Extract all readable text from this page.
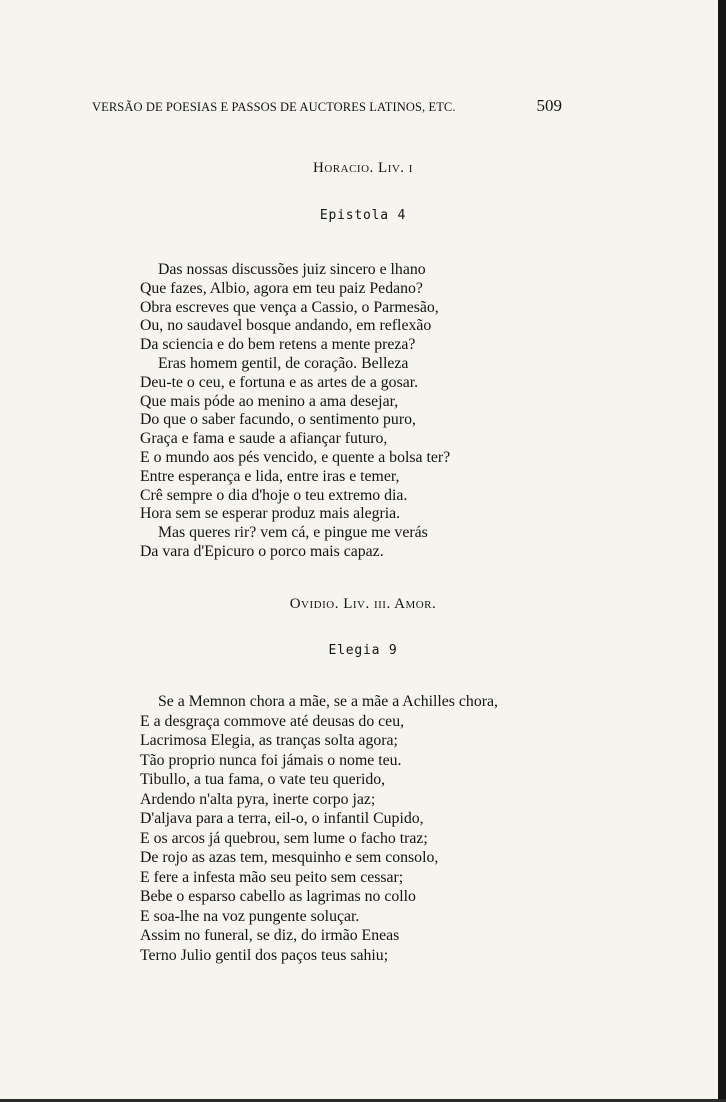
VERSÃO DE POESIAS E PASSOS DE AUCTORES LATINOS, ETC.	509
Horacio. Liv. i
Epistola 4
Das nossas discussões juiz sincero e lhano
Que fazes, Albio, agora em teu paiz Pedano?
Obra escreves que vença a Cassio, o Parmesão,
Ou, no saudavel bosque andando, em reflexão
Da sciencia e do bem retens a mente preza?
Eras homem gentil, de coração. Belleza
Deu-te o ceu, e fortuna e as artes de a gosar.
Que mais póde ao menino a ama desejar,
Do que o saber facundo, o sentimento puro,
Graça e fama e saude a afiançar futuro,
E o mundo aos pés vencido, e quente a bolsa ter?
Entre esperança e lida, entre iras e temer,
Crê sempre o dia d'hoje o teu extremo dia.
Hora sem se esperar produz mais alegria.
Mas queres rir? vem cá, e pingue me verás
Da vara d'Epicuro o porco mais capaz.
Ovidio. Liv. iii. Amor.
Elegia 9
Se a Memnon chora a mãe, se a mãe a Achilles chora,
E a desgraça commove até deusas do ceu,
Lacrimosa Elegia, as tranças solta agora;
Tão proprio nunca foi jámais o nome teu.
Tibullo, a tua fama, o vate teu querido,
Ardendo n'alta pyra, inerte corpo jaz;
D'aljava para a terra, eil-o, o infantil Cupido,
E os arcos já quebrou, sem lume o facho traz;
De rojo as azas tem, mesquinho e sem consolo,
E fere a infesta mão seu peito sem cessar;
Bebe o esparso cabello as lagrimas no collo
E soa-lhe na voz pungente soluçar.
Assim no funeral, se diz, do irmão Eneas
Terno Julio gentil dos paços teus sahiu;
